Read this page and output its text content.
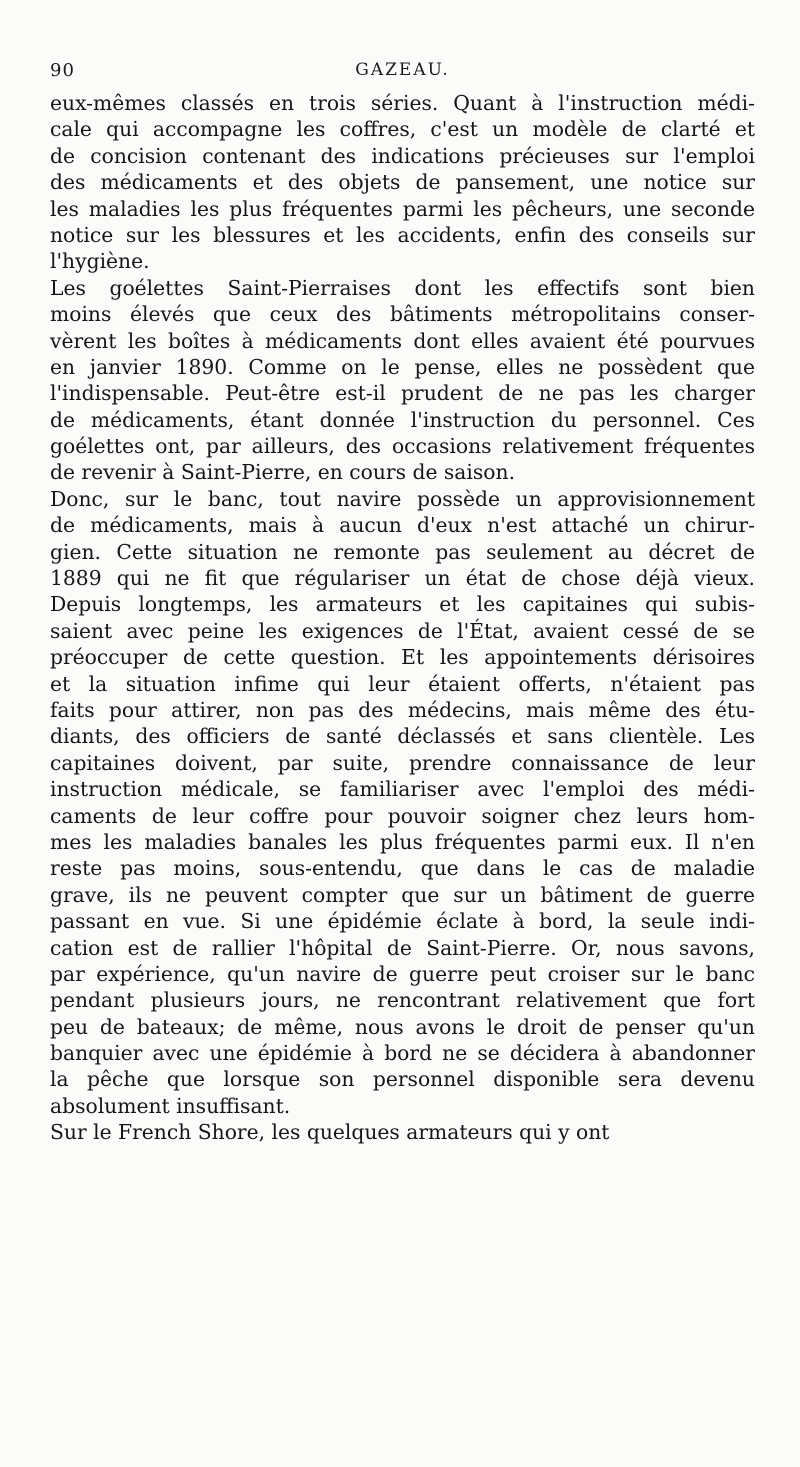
90	GAZEAU.
eux-mêmes classés en trois séries. Quant à l'instruction médi-
cale qui accompagne les coffres, c'est un modèle de clarté et
de concision contenant des indications précieuses sur l'emploi
des médicaments et des objets de pansement, une notice sur
les maladies les plus fréquentes parmi les pêcheurs, une seconde
notice sur les blessures et les accidents, enfin des conseils sur
l'hygiène.
Les goélettes Saint-Pierraises dont les effectifs sont bien
moins élevés que ceux des bâtiments métropolitains conser-
vèrent les boîtes à médicaments dont elles avaient été pourvues
en janvier 1890. Comme on le pense, elles ne possèdent que
l'indispensable. Peut-être est-il prudent de ne pas les charger
de médicaments, étant donnée l'instruction du personnel. Ces
goélettes ont, par ailleurs, des occasions relativement fréquentes
de revenir à Saint-Pierre, en cours de saison.
Donc, sur le banc, tout navire possède un approvisionnement
de médicaments, mais à aucun d'eux n'est attaché un chirur-
gien. Cette situation ne remonte pas seulement au décret de
1889 qui ne fit que régulariser un état de chose déjà vieux.
Depuis longtemps, les armateurs et les capitaines qui subis-
saient avec peine les exigences de l'État, avaient cessé de se
préoccuper de cette question. Et les appointements dérisoires
et la situation infime qui leur étaient offerts, n'étaient pas
faits pour attirer, non pas des médecins, mais même des étu-
diants, des officiers de santé déclassés et sans clientèle. Les
capitaines doivent, par suite, prendre connaissance de leur
instruction médicale, se familiariser avec l'emploi des médi-
caments de leur coffre pour pouvoir soigner chez leurs hom-
mes les maladies banales les plus fréquentes parmi eux. Il n'en
reste pas moins, sous-entendu, que dans le cas de maladie
grave, ils ne peuvent compter que sur un bâtiment de guerre
passant en vue. Si une épidémie éclate à bord, la seule indi-
cation est de rallier l'hôpital de Saint-Pierre. Or, nous savons,
par expérience, qu'un navire de guerre peut croiser sur le banc
pendant plusieurs jours, ne rencontrant relativement que fort
peu de bateaux; de même, nous avons le droit de penser qu'un
banquier avec une épidémie à bord ne se décidera à abandonner
la pêche que lorsque son personnel disponible sera devenu
absolument insuffisant.
Sur le French Shore, les quelques armateurs qui y ont
